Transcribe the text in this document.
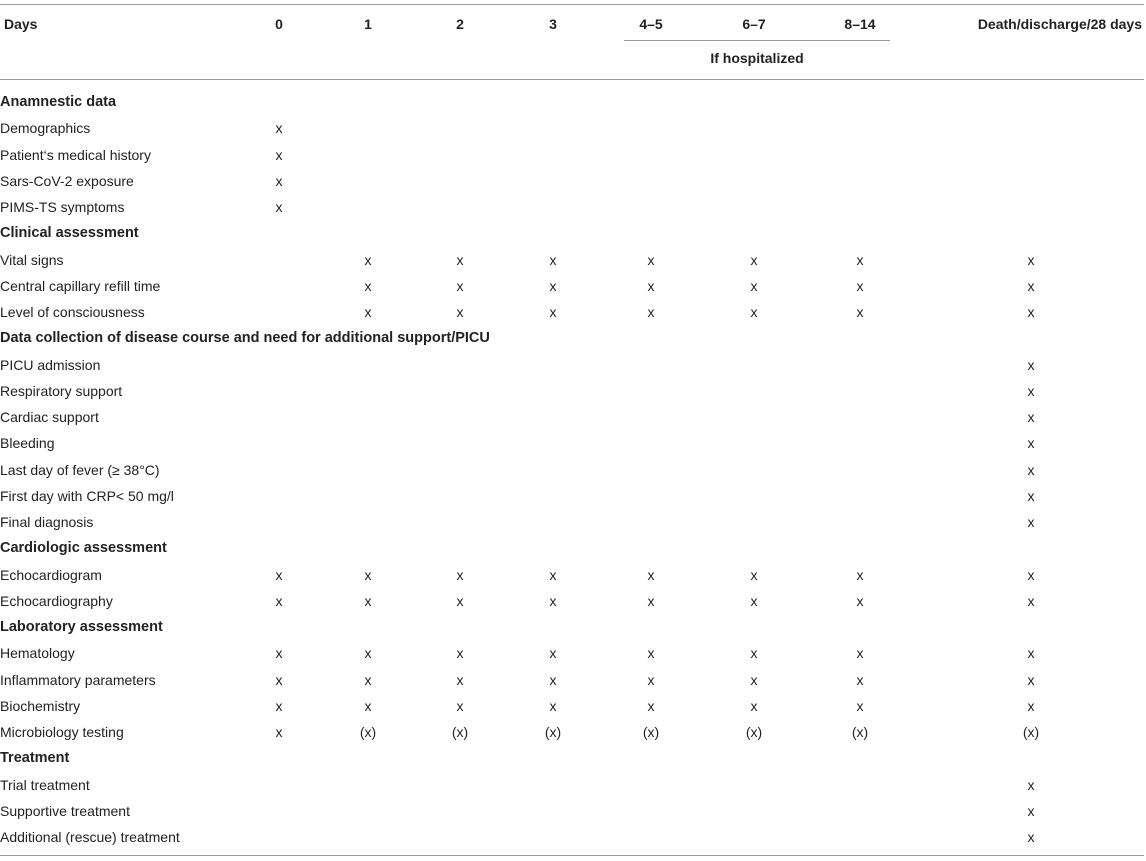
Days	0	1	2	3	4–5	6–7	8–14	Death/discharge/28 days
If hospitalized
Anamnestic data								
Demographics	x							
Patient‘s medical history	x							
Sars-CoV-2 exposure	x							
PIMS-TS symptoms	x							
Clinical assessment								
Vital signs		x	x	x	x	x	x	x
Central capillary refill time		x	x	x	x	x	x	x
Level of consciousness		x	x	x	x	x	x	x
Data collection of disease course and need for additional support/PICU								
PICU admission								x
Respiratory support								x
Cardiac support								x
Bleeding								x
Last day of fever (≥ 38°C)								x
First day with CRP< 50 mg/l								x
Final diagnosis								x
Cardiologic assessment								
Echocardiogram	x	x	x	x	x	x	x	x
Echocardiography	x	x	x	x	x	x	x	x
Laboratory assessment								
Hematology	x	x	x	x	x	x	x	x
Inflammatory parameters	x	x	x	x	x	x	x	x
Biochemistry	x	x	x	x	x	x	x	x
Microbiology testing	x	(x)	(x)	(x)	(x)	(x)	(x)	(x)
Treatment								
Trial treatment								x
Supportive treatment								x
Additional (rescue) treatment								x
